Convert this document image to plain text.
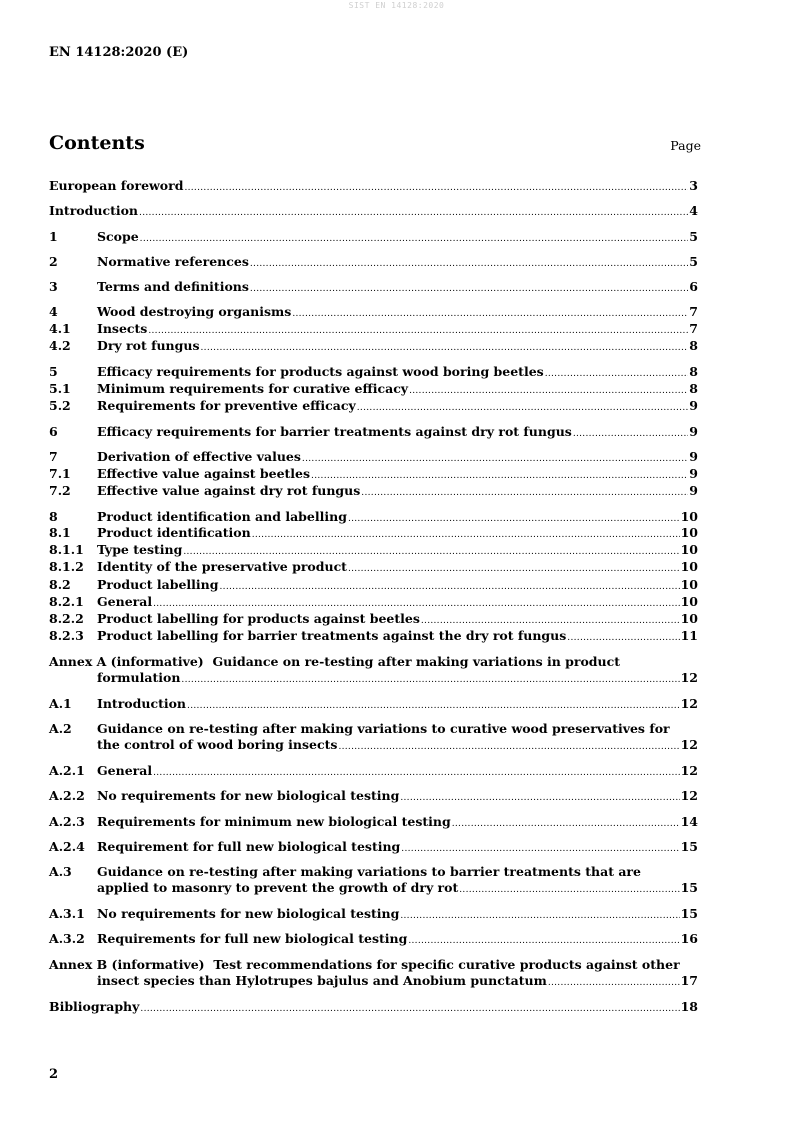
SIST EN 14128:2020
EN 14128:2020 (E)
Contents	Page
European foreword .....	3
Introduction .....	4
1	Scope .....	5
2	Normative references .....	5
3	Terms and definitions .....	6
4	Wood destroying organisms .....	7
4.1 Insects .....	7
4.2 Dry rot fungus .....	8
5	Efficacy requirements for products against wood boring beetles .....	8
5.1 Minimum requirements for curative efficacy .....	8
5.2 Requirements for preventive efficacy .....	9
6	Efficacy requirements for barrier treatments against dry rot fungus .....	9
7	Derivation of effective values .....	9
7.1 Effective value against beetles .....	9
7.2 Effective value against dry rot fungus .....	9
8	Product identification and labelling .....	10
8.1 Product identification .....	10
8.1.1 Type testing .....	10
8.1.2 Identity of the preservative product .....	10
8.2 Product labelling .....	10
8.2.1 General .....	10
8.2.2 Product labelling for products against beetles .....	10
8.2.3 Product labelling for barrier treatments against the dry rot fungus .....	11
Annex A (informative) Guidance on re-testing after making variations in product
formulation .....	12
A.1 Introduction .....	12
A.2 Guidance on re-testing after making variations to curative wood preservatives for
the control of wood boring insects .....	12
A.2.1 General .....	12
A.2.2 No requirements for new biological testing .....	12
A.2.3 Requirements for minimum new biological testing .....	14
A.2.4 Requirement for full new biological testing .....	15
A.3 Guidance on re-testing after making variations to barrier treatments that are
applied to masonry to prevent the growth of dry rot .....	15
A.3.1 No requirements for new biological testing .....	15
A.3.2 Requirements for full new biological testing .....	16
Annex B (informative) Test recommendations for specific curative products against other
insect species than Hylotrupes bajulus and Anobium punctatum .....	17
Bibliography .....	18
2
